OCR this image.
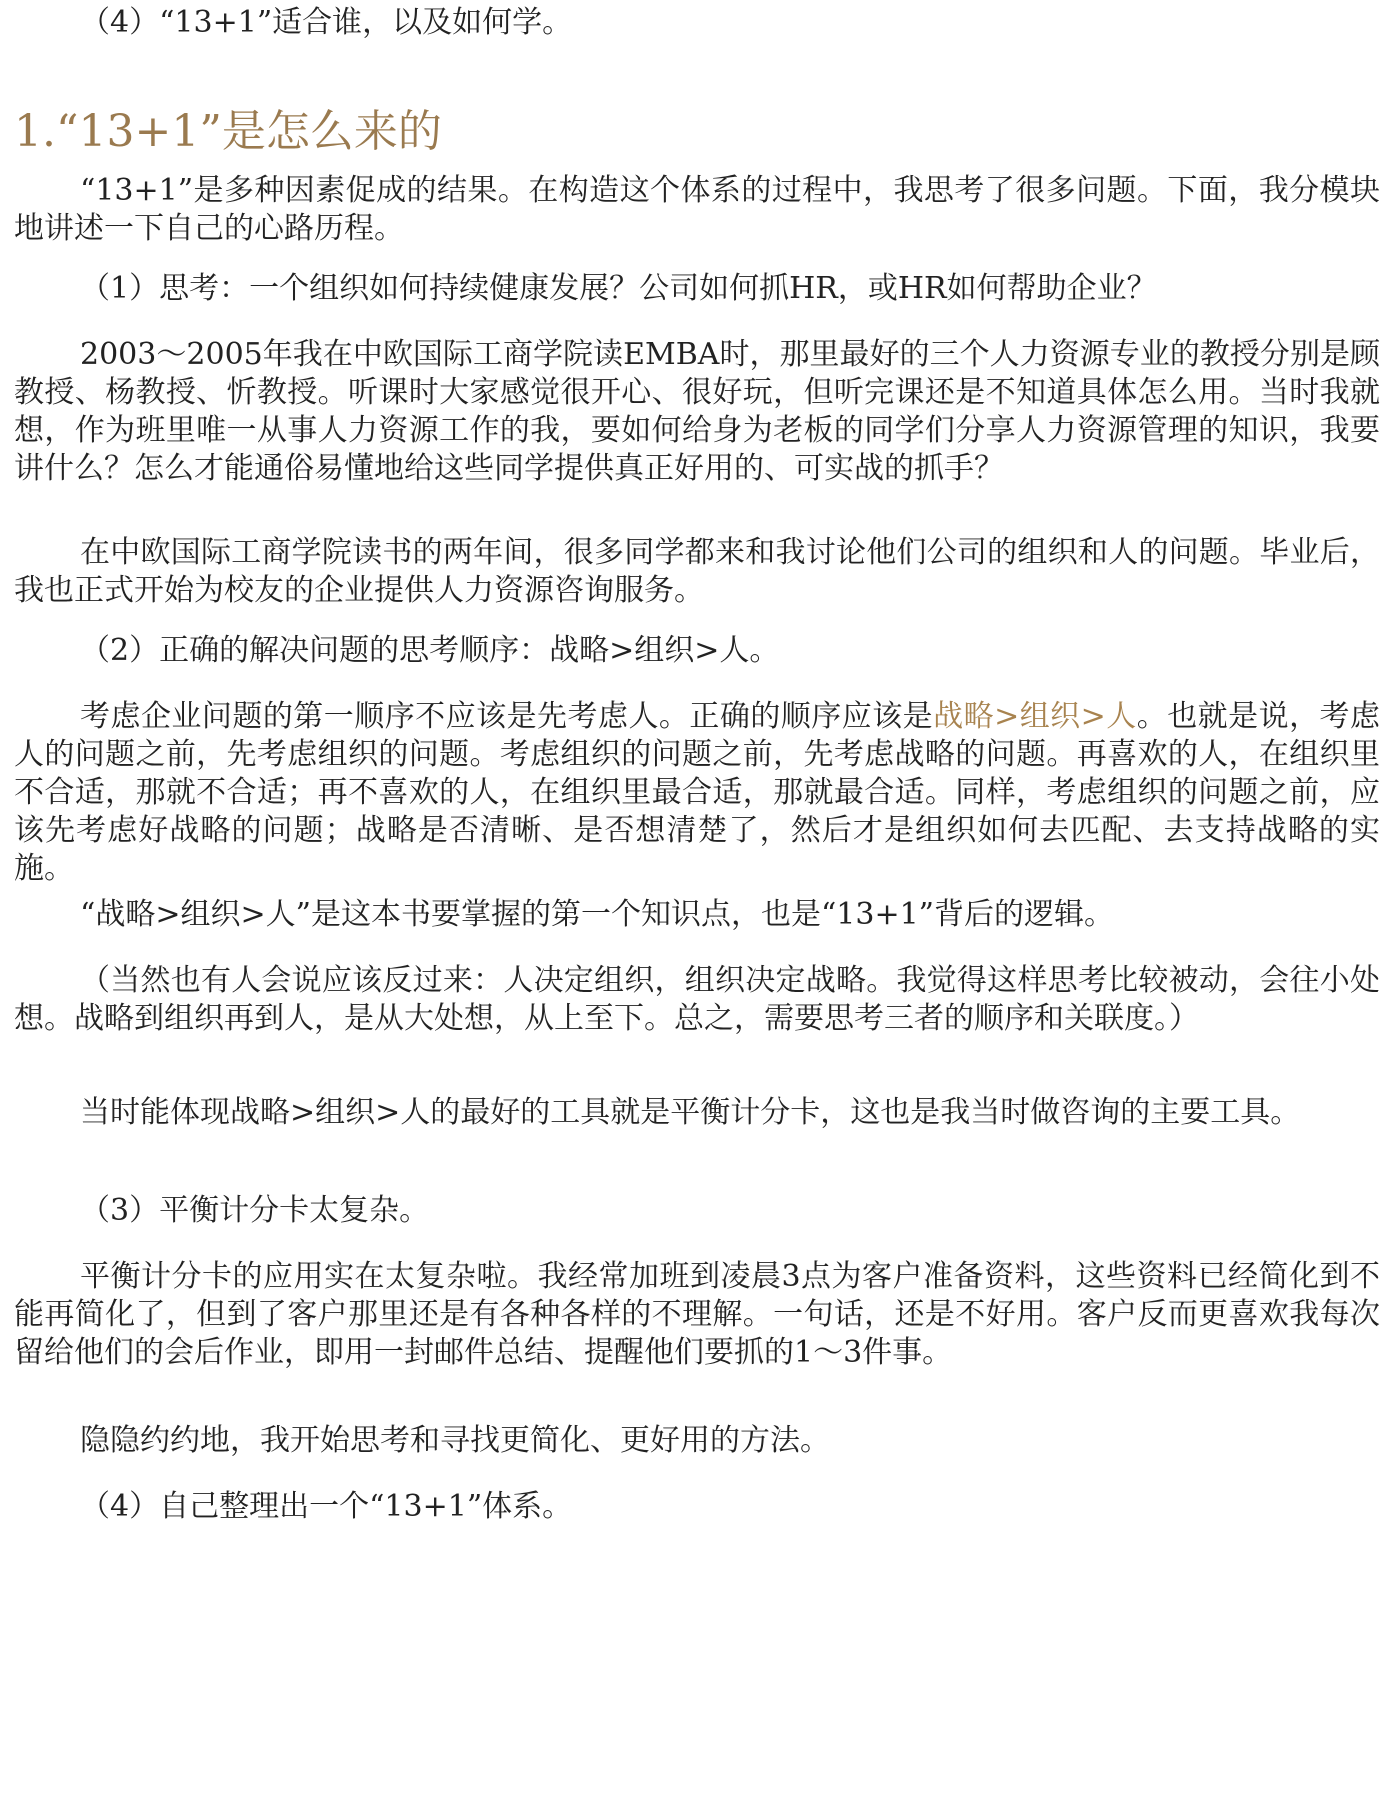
（4）“13+1”适合谁，以及如何学。

1.“13+1”是怎么来的

“13+1”是多种因素促成的结果。在构造这个体系的过程中，我思考了很多问题。下面，我分模块地讲述一下自己的心路历程。

（1）思考：一个组织如何持续健康发展？公司如何抓HR，或HR如何帮助企业？

2003～2005年我在中欧国际工商学院读EMBA时，那里最好的三个人力资源专业的教授分别是顾教授、杨教授、忻教授。听课时大家感觉很开心、很好玩，但听完课还是不知道具体怎么用。当时我就想，作为班里唯一从事人力资源工作的我，要如何给身为老板的同学们分享人力资源管理的知识，我要讲什么？怎么才能通俗易懂地给这些同学提供真正好用的、可实战的抓手？

在中欧国际工商学院读书的两年间，很多同学都来和我讨论他们公司的组织和人的问题。毕业后，我也正式开始为校友的企业提供人力资源咨询服务。

（2）正确的解决问题的思考顺序：战略>组织>人。

考虑企业问题的第一顺序不应该是先考虑人。正确的顺序应该是战略>组织>人。也就是说，考虑人的问题之前，先考虑组织的问题。考虑组织的问题之前，先考虑战略的问题。再喜欢的人，在组织里不合适，那就不合适；再不喜欢的人，在组织里最合适，那就最合适。同样，考虑组织的问题之前，应该先考虑好战略的问题；战略是否清晰、是否想清楚了，然后才是组织如何去匹配、去支持战略的实施。

“战略>组织>人”是这本书要掌握的第一个知识点，也是“13+1”背后的逻辑。

（当然也有人会说应该反过来：人决定组织，组织决定战略。我觉得这样思考比较被动，会往小处想。战略到组织再到人，是从大处想，从上至下。总之，需要思考三者的顺序和关联度。）

当时能体现战略>组织>人的最好的工具就是平衡计分卡，这也是我当时做咨询的主要工具。

（3）平衡计分卡太复杂。

平衡计分卡的应用实在太复杂啦。我经常加班到凌晨3点为客户准备资料，这些资料已经简化到不能再简化了，但到了客户那里还是有各种各样的不理解。一句话，还是不好用。客户反而更喜欢我每次留给他们的会后作业，即用一封邮件总结、提醒他们要抓的1～3件事。

隐隐约约地，我开始思考和寻找更简化、更好用的方法。

（4）自己整理出一个“13+1”体系。
